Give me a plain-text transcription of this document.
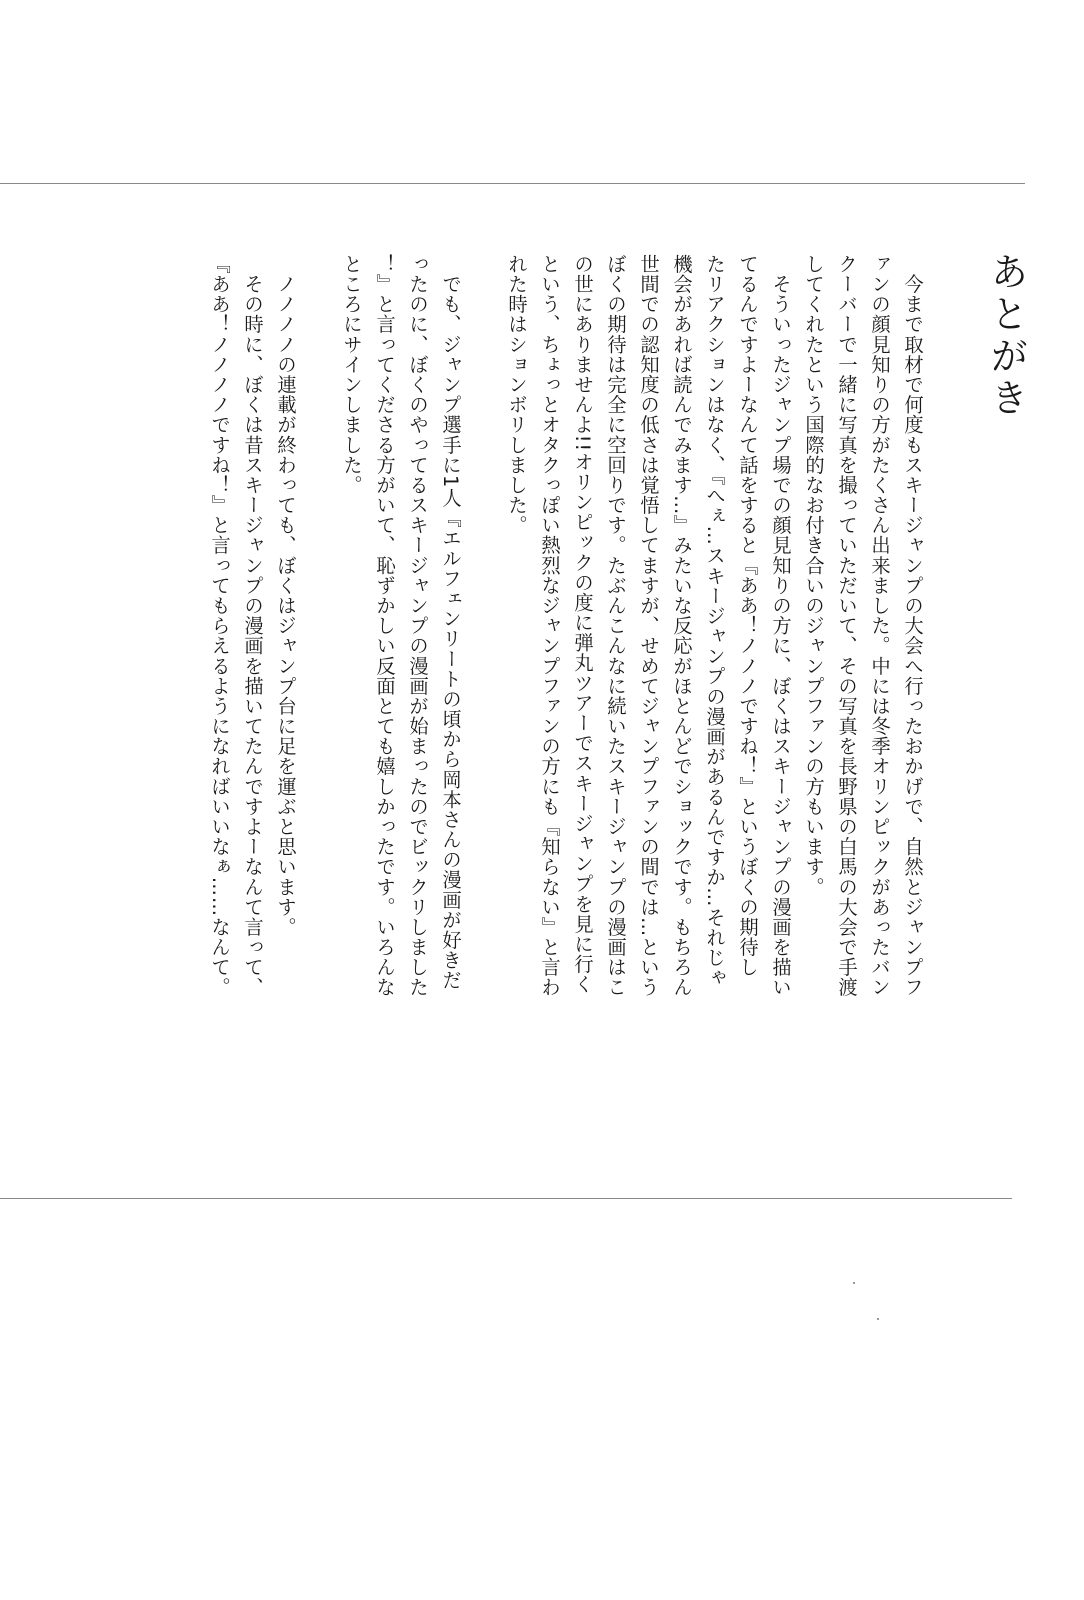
あとがき
　今まで取材で何度もスキージャンプの大会へ行ったおかげで、自然とジャンプフ
ァンの顔見知りの方がたくさん出来ました。中には冬季オリンピックがあったバン
クーバーで一緒に写真を撮っていただいて、その写真を長野県の白馬の大会で手渡
してくれたという国際的なお付き合いのジャンプファンの方もいます。
　そういったジャンプ場での顔見知りの方に、ぼくはスキージャンプの漫画を描い
てるんですよーなんて話をすると『ああ！ノノノですね！』というぼくの期待し
たリアクションはなく、『へぇ…スキージャンプの漫画があるんですか…それじゃ
機会があれば読んでみます…』みたいな反応がほとんどでショックです。もちろん
世間での認知度の低さは覚悟してますが、せめてジャンプファンの間では…という
ぼくの期待は完全に空回りです。たぶんこんなに続いたスキージャンプの漫画はこ
の世にありませんよ!!オリンピックの度に弾丸ツアーでスキージャンプを見に行く
という、ちょっとオタクっぽい熱烈なジャンプファンの方にも『知らない』と言わ
れた時はションボリしました。
　でも、ジャンプ選手に1人『エルフェンリートの頃から岡本さんの漫画が好きだ
ったのに、ぼくのやってるスキージャンプの漫画が始まったのでビックリしました
！』と言ってくださる方がいて、恥ずかしい反面とても嬉しかったです。いろんな
ところにサインしました。
　ノノノノの連載が終わっても、ぼくはジャンプ台に足を運ぶと思います。
　その時に、ぼくは昔スキージャンプの漫画を描いてたんですよーなんて言って、
『ああ！ノノノノですね！』と言ってもらえるようになればいいなぁ……なんて。
